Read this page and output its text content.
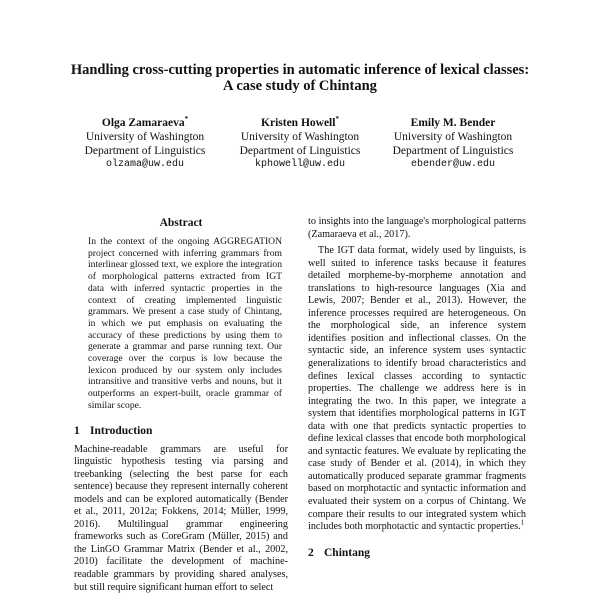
Handling cross-cutting properties in automatic inference of lexical classes:
A case study of Chintang
Olga Zamaraeva*
University of Washington
Department of Linguistics
olzama@uw.edu
Kristen Howell*
University of Washington
Department of Linguistics
kphowell@uw.edu
Emily M. Bender
University of Washington
Department of Linguistics
ebender@uw.edu
Abstract

In the context of the ongoing AGGREGATION project concerned with inferring grammars from interlinear glossed text, we explore the integration of morphological patterns extracted from IGT data with inferred syntactic properties in the context of creating implemented linguistic grammars. We present a case study of Chintang, in which we put emphasis on evaluating the accuracy of these predictions by using them to generate a grammar and parse running text. Our coverage over the corpus is low because the lexicon produced by our system only includes intransitive and transitive verbs and nouns, but it outperforms an expert-built, oracle grammar of similar scope.

1 Introduction

Machine-readable grammars are useful for linguistic hypothesis testing via parsing and treebanking (selecting the best parse for each sentence) because they represent internally coherent models and can be explored automatically (Bender et al., 2011, 2012a; Fokkens, 2014; Müller, 1999, 2016). Multilingual grammar engineering frameworks such as CoreGram (Müller, 2015) and the LinGO Grammar Matrix (Bender et al., 2002, 2010) facilitate the development of machine-readable grammars by providing shared analyses, but still require significant human effort to select

to insights into the language's morphological patterns (Zamaraeva et al., 2017).

The IGT data format, widely used by linguists, is well suited to inference tasks because it features detailed morpheme-by-morpheme annotation and translations to high-resource languages (Xia and Lewis, 2007; Bender et al., 2013). However, the inference processes required are heterogeneous. On the morphological side, an inference system identifies position and inflectional classes. On the syntactic side, an inference system uses syntactic generalizations to identify broad characteristics and defines lexical classes according to syntactic properties. The challenge we address here is in integrating the two. In this paper, we integrate a system that identifies morphological patterns in IGT data with one that predicts syntactic properties to define lexical classes that encode both morphological and syntactic features. We evaluate by replicating the case study of Bender et al. (2014), in which they automatically produced separate grammar fragments based on morphotactic and syntactic information and evaluated their system on a corpus of Chintang. We compare their results to our integrated system which includes both morphotactic and syntactic properties.$^1$

2 Chintang
